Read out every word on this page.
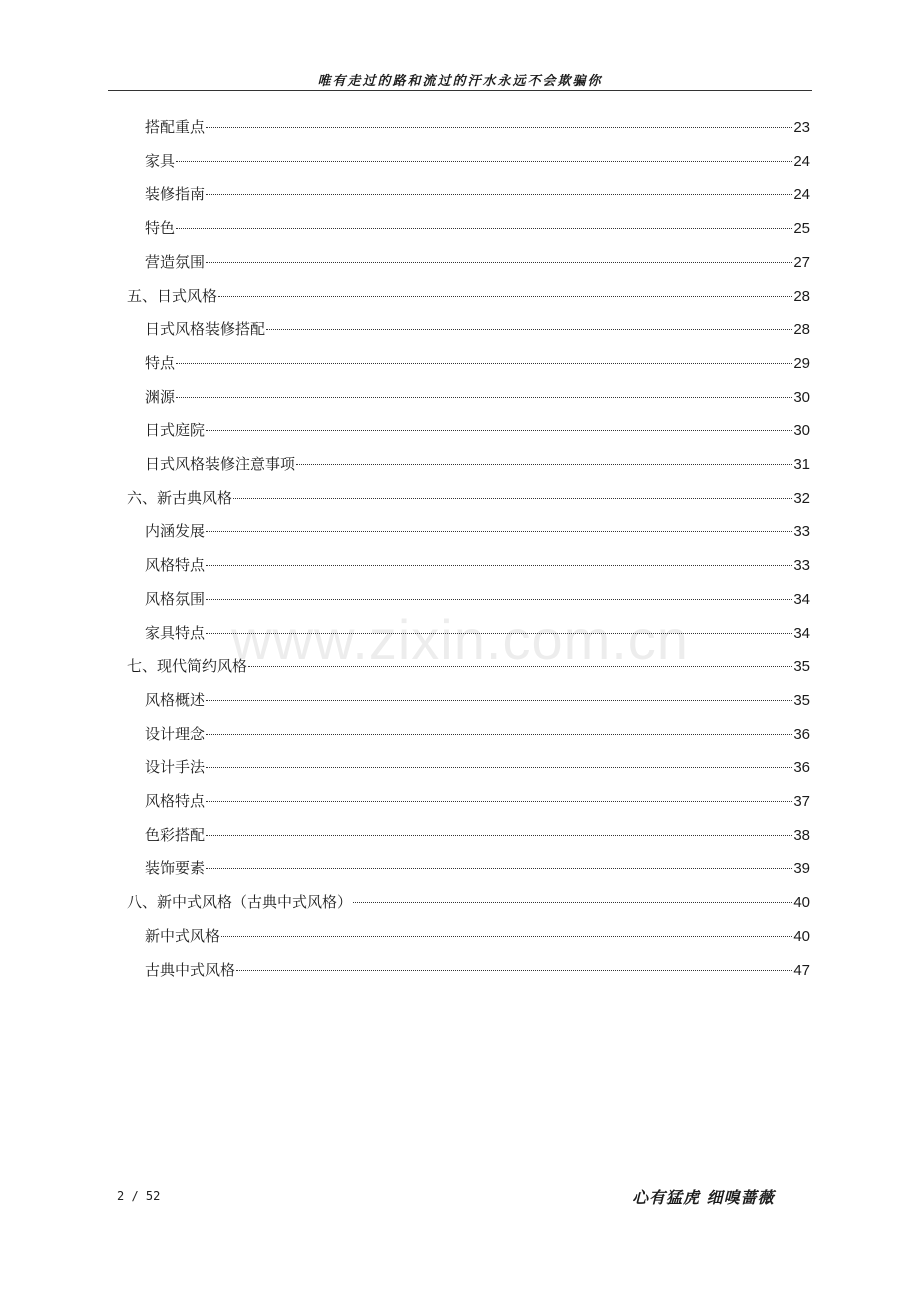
唯有走过的路和流过的汗水永远不会欺骗你
搭配重点	23
家具	24
装修指南	24
特色	25
营造氛围	27
五、日式风格	28
日式风格装修搭配	28
特点	29
渊源	30
日式庭院	30
日式风格装修注意事项	31
六、新古典风格	32
内涵发展	33
风格特点	33
风格氛围	34
家具特点	34
七、现代简约风格	35
风格概述	35
设计理念	36
设计手法	36
风格特点	37
色彩搭配	38
装饰要素	39
八、新中式风格（古典中式风格）	40
新中式风格	40
古典中式风格	47
www.zixin.com.cn
2 / 52	心有猛虎 细嗅蔷薇
